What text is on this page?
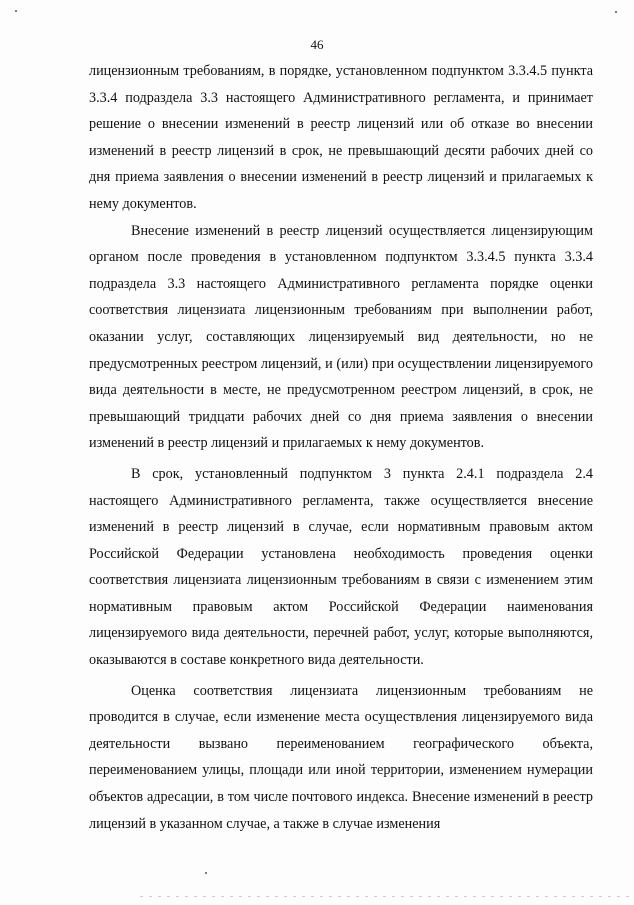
46

лицензионным требованиям, в порядке, установленном подпунктом 3.3.4.5 пункта 3.3.4 подраздела 3.3 настоящего Административного регламента, и принимает решение о внесении изменений в реестр лицензий или об отказе во внесении изменений в реестр лицензий в срок, не превышающий десяти рабочих дней со дня приема заявления о внесении изменений в реестр лицензий и прилагаемых к нему документов.

Внесение изменений в реестр лицензий осуществляется лицензирующим органом после проведения в установленном подпунктом 3.3.4.5 пункта 3.3.4 подраздела 3.3 настоящего Административного регламента порядке оценки соответствия лицензиата лицензионным требованиям при выполнении работ, оказании услуг, составляющих лицензируемый вид деятельности, но не предусмотренных реестром лицензий, и (или) при осуществлении лицензируемого вида деятельности в месте, не предусмотренном реестром лицензий, в срок, не превышающий тридцати рабочих дней со дня приема заявления о внесении изменений в реестр лицензий и прилагаемых к нему документов.

В срок, установленный подпунктом 3 пункта 2.4.1 подраздела 2.4 настоящего Административного регламента, также осуществляется внесение изменений в реестр лицензий в случае, если нормативным правовым актом Российской Федерации установлена необходимость проведения оценки соответствия лицензиата лицензионным требованиям в связи с изменением этим нормативным правовым актом Российской Федерации наименования лицензируемого вида деятельности, перечней работ, услуг, которые выполняются, оказываются в составе конкретного вида деятельности.

Оценка соответствия лицензиата лицензионным требованиям не проводится в случае, если изменение места осуществления лицензируемого вида деятельности вызвано переименованием географического объекта, переименованием улицы, площади или иной территории, изменением нумерации объектов адресации, в том числе почтового индекса. Внесение изменений в реестр лицензий в указанном случае, а также в случае изменения
